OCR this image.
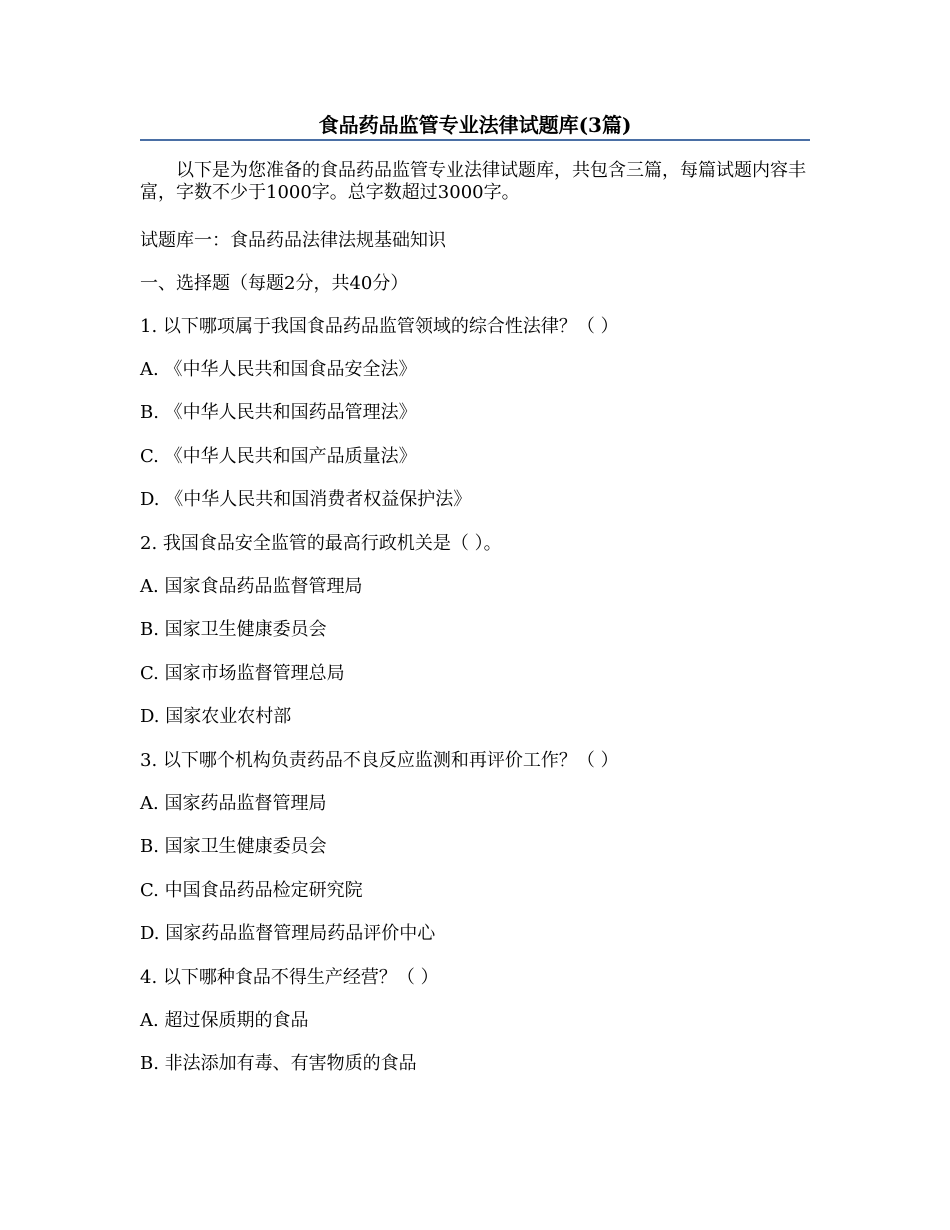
食品药品监管专业法律试题库(3篇)
以下是为您准备的食品药品监管专业法律试题库，共包含三篇，每篇试题内容丰富，字数不少于1000字。总字数超过3000字。
试题库一：食品药品法律法规基础知识
一、选择题（每题2分，共40分）
1. 以下哪项属于我国食品药品监管领域的综合性法律？（ ）
A. 《中华人民共和国食品安全法》
B. 《中华人民共和国药品管理法》
C. 《中华人民共和国产品质量法》
D. 《中华人民共和国消费者权益保护法》
2. 我国食品安全监管的最高行政机关是（ ）。
A. 国家食品药品监督管理局
B. 国家卫生健康委员会
C. 国家市场监督管理总局
D. 国家农业农村部
3. 以下哪个机构负责药品不良反应监测和再评价工作？（ ）
A. 国家药品监督管理局
B. 国家卫生健康委员会
C. 中国食品药品检定研究院
D. 国家药品监督管理局药品评价中心
4. 以下哪种食品不得生产经营？（ ）
A. 超过保质期的食品
B. 非法添加有毒、有害物质的食品
